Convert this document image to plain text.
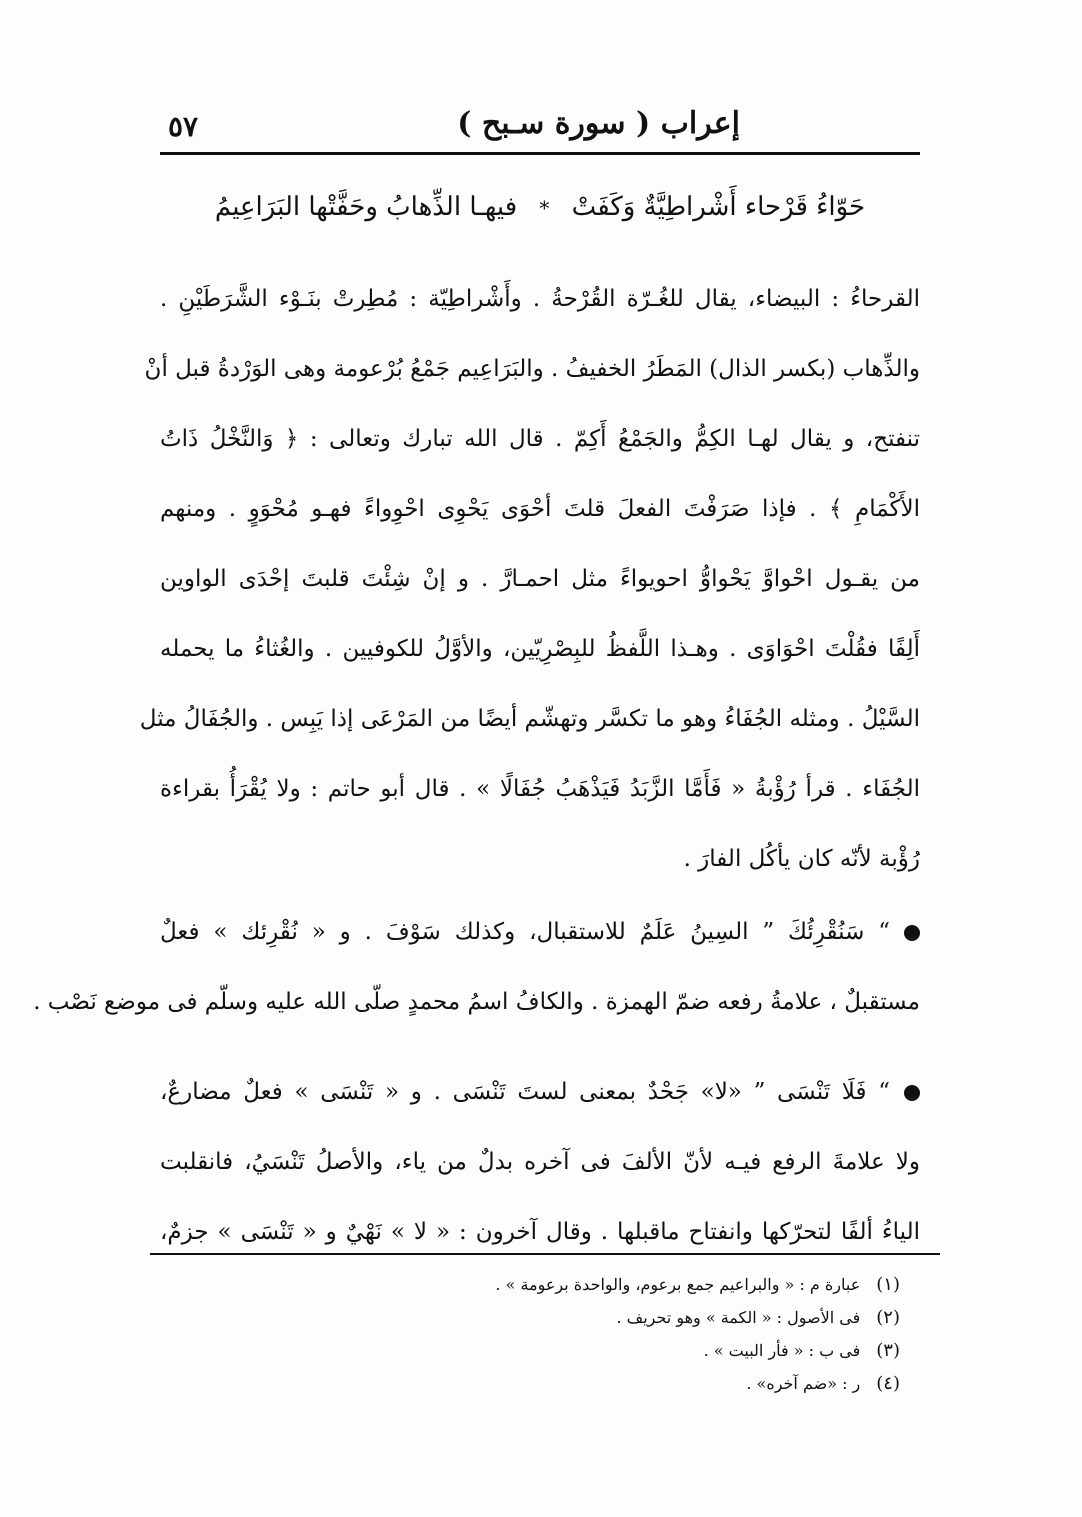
إعراب ( سورة سـبح )
٥٧
حَوّاءُ قَرْحاء أَشْراطِيَّةٌ وَكَفَتْ * فيهـا الذِّهابُ وحَفَّتْها البَرَاعِيمُ
القرحاءُ : البيضاء، يقال للغُـرّة القُرْحةُ . وأَشْراطِيّة : مُطِرتْ بنَـوْء الشَّرَطَيْنِ .
والذِّهاب (بكسر الذال) المَطَرُ الخفيفُ . والبَرَاعِيم جَمْعُ بُرْعومة وهى الوَرْدةُ قبل أنْ
تنفتح، و يقال لهـا الكِمُّ والجَمْعُ أَكِمّ . قال الله تبارك وتعالى : ﴿ وَالنَّخْلُ ذَاتُ
الأَكْمَامِ ﴾ . فإذا صَرَفْتَ الفعلَ قلتَ أحْوَى يَحْوِى احْوِواءً فهـو مُحْوَوٍ . ومنهم
من يقـول احْواوَّ يَحْواوُّ احويواءً مثل احمـارَّ . و إنْ شِئْتَ قلبتَ إحْدَى الواوين
أَلِفًا فقُلْتَ احْوَاوَى . وهـذا اللَّفظُ للبِصْرِيّين، والأوَّلُ للكوفيين . والغُثاءُ ما يحمله
السَّيْلُ . ومثله الجُفَاءُ وهو ما تكسَّر وتهشّم أيضًا من المَرْعَى إذا يَبِس . والجُفَالُ مثل
الجُفَاء . قرأ رُؤْبةُ « فَأَمَّا الزَّبَدُ فَيَذْهَبُ جُفَالًا » . قال أبو حاتم : ولا يُقْرَأُ بقراءة
رُؤْبة لأنّه كان يأكُل الفارَ .
“ سَنُقْرِئُكَ ” السِينُ عَلَمٌ للاستقبال، وكذلك سَوْفَ . و « نُقْرِئك » فعلٌ
مستقبلٌ ، علامةُ رفعه ضمّ الهمزة . والكافُ اسمُ محمدٍ صلّى الله عليه وسلّم فى موضع نَصْب .
“ فَلَا تَنْسَى ” «لا» جَحْدٌ بمعنى لستَ تَنْسَى . و « تَنْسَى » فعلٌ مضارعٌ،
ولا علامةَ الرفع فيـه لأنّ الألفَ فى آخره بدلٌ من ياء، والأصلُ تَنْسَيُ، فانقلبت
الياءُ ألفًا لتحرّكها وانفتاح ماقبلها . وقال آخرون : « لا » نَهْيٌ و « تَنْسَى » جزمٌ،
(١)عبارة م : « والبراعيم جمع برعوم، والواحدة برعومة » .
(٢)فى الأصول : « الكمة » وهو تحريف .
(٣)فى ب : « فأر البيت » .
(٤)ر : «ضم آخره» .
